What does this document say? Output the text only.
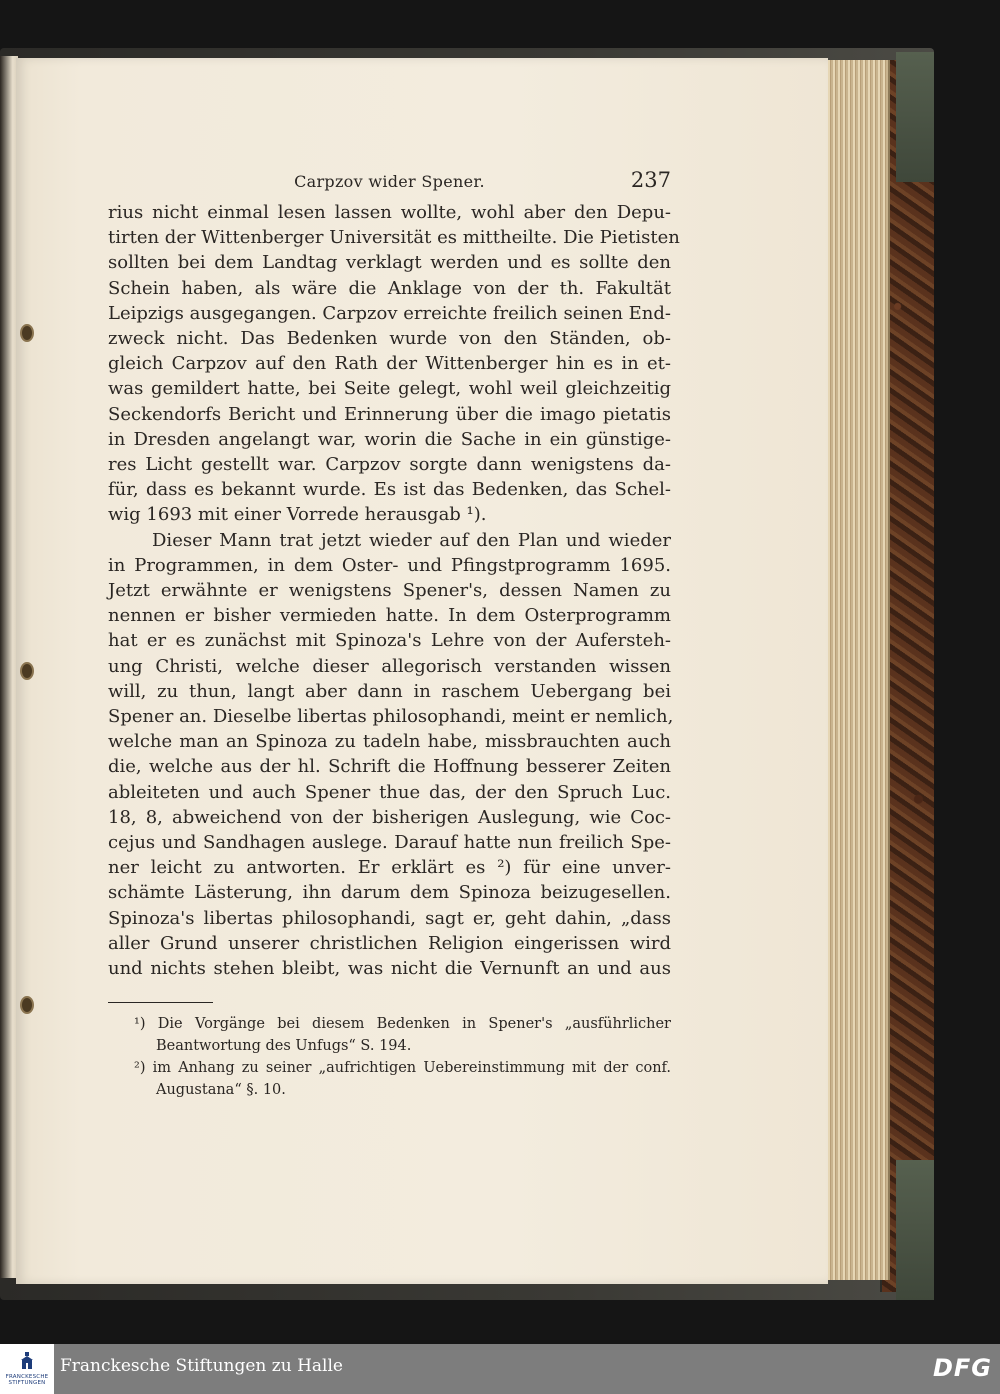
Carpzov wider Spener.	237

rius nicht einmal lesen lassen wollte, wohl aber den Depu-
tirten der Wittenberger Universität es mittheilte. Die Pietisten
sollten bei dem Landtag verklagt werden und es sollte den
Schein haben, als wäre die Anklage von der th. Fakultät
Leipzigs ausgegangen. Carpzov erreichte freilich seinen End-
zweck nicht. Das Bedenken wurde von den Ständen, ob-
gleich Carpzov auf den Rath der Wittenberger hin es in et-
was gemildert hatte, bei Seite gelegt, wohl weil gleichzeitig
Seckendorfs Bericht und Erinnerung über die imago pietatis
in Dresden angelangt war, worin die Sache in ein günstige-
res Licht gestellt war. Carpzov sorgte dann wenigstens da-
für, dass es bekannt wurde. Es ist das Bedenken, das Schel-
wig 1693 mit einer Vorrede herausgab ¹).
Dieser Mann trat jetzt wieder auf den Plan und wieder
in Programmen, in dem Oster- und Pfingstprogramm 1695.
Jetzt erwähnte er wenigstens Spener's, dessen Namen zu
nennen er bisher vermieden hatte. In dem Osterprogramm
hat er es zunächst mit Spinoza's Lehre von der Aufersteh-
ung Christi, welche dieser allegorisch verstanden wissen
will, zu thun, langt aber dann in raschem Uebergang bei
Spener an. Dieselbe libertas philosophandi, meint er nemlich,
welche man an Spinoza zu tadeln habe, missbrauchten auch
die, welche aus der hl. Schrift die Hoffnung besserer Zeiten
ableiteten und auch Spener thue das, der den Spruch Luc.
18, 8, abweichend von der bisherigen Auslegung, wie Coc-
cejus und Sandhagen auslege. Darauf hatte nun freilich Spe-
ner leicht zu antworten. Er erklärt es ²) für eine unver-
schämte Lästerung, ihn darum dem Spinoza beizugesellen.
Spinoza's libertas philosophandi, sagt er, geht dahin, „dass
aller Grund unserer christlichen Religion eingerissen wird
und nichts stehen bleibt, was nicht die Vernunft an und aus

¹) Die Vorgänge bei diesem Bedenken in Spener's „ausführlicher
Beantwortung des Unfugs“ S. 194.
²) im Anhang zu seiner „aufrichtigen Uebereinstimmung mit der conf.
Augustana“ §. 10.
FRANCKESCHE STIFTUNGEN
Franckesche Stiftungen zu Halle	DFG
